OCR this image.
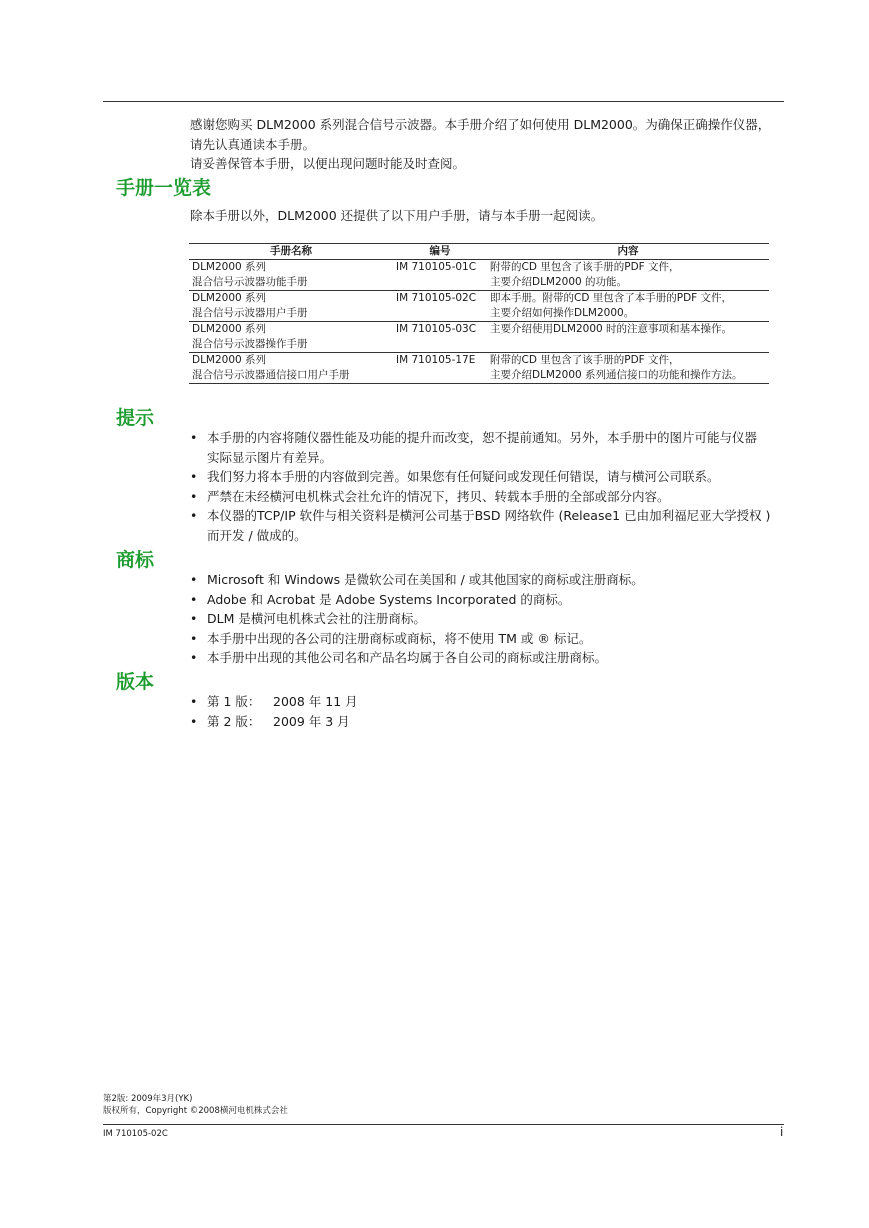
感谢您购买 DLM2000 系列混合信号示波器。本手册介绍了如何使用 DLM2000。为确保正确操作仪器，
请先认真通读本手册。
请妥善保管本手册，以便出现问题时能及时查阅。
手册一览表
除本手册以外，DLM2000 还提供了以下用户手册，请与本手册一起阅读。
手册名称	编号	内容

DLM2000 系列
混合信号示波器功能手册	IM 710105-01C	附带的CD 里包含了该手册的PDF 文件，
主要介绍DLM2000 的功能。

DLM2000 系列
混合信号示波器用户手册	IM 710105-02C	即本手册。附带的CD 里包含了本手册的PDF 文件，
主要介绍如何操作DLM2000。

DLM2000 系列
混合信号示波器操作手册	IM 710105-03C	主要介绍使用DLM2000 时的注意事项和基本操作。

DLM2000 系列
混合信号示波器通信接口用户手册	IM 710105-17E	附带的CD 里包含了该手册的PDF 文件，
主要介绍DLM2000 系列通信接口的功能和操作方法。
提示
• 本手册的内容将随仪器性能及功能的提升而改变，恕不提前通知。另外，本手册中的图片可能与仪器
实际显示图片有差异。
• 我们努力将本手册的内容做到完善。如果您有任何疑问或发现任何错误，请与横河公司联系。
• 严禁在未经横河电机株式会社允许的情况下，拷贝、转载本手册的全部或部分内容。
• 本仪器的TCP/IP 软件与相关资料是横河公司基于BSD 网络软件 (Release1 已由加利福尼亚大学授权 )
而开发 / 做成的。
商标
• Microsoft 和 Windows 是微软公司在美国和 / 或其他国家的商标或注册商标。
• Adobe 和 Acrobat 是 Adobe Systems Incorporated 的商标。
• DLM 是横河电机株式会社的注册商标。
• 本手册中出现的各公司的注册商标或商标，将不使用 TM 或 ® 标记。
• 本手册中出现的其他公司名和产品名均属于各自公司的商标或注册商标。
版本
• 第 1 版： 2008 年 11 月
• 第 2 版： 2009 年 3 月
第2版: 2009年3月(YK)
版权所有，Copyright ©2008横河电机株式会社
IM 710105-02C	i
